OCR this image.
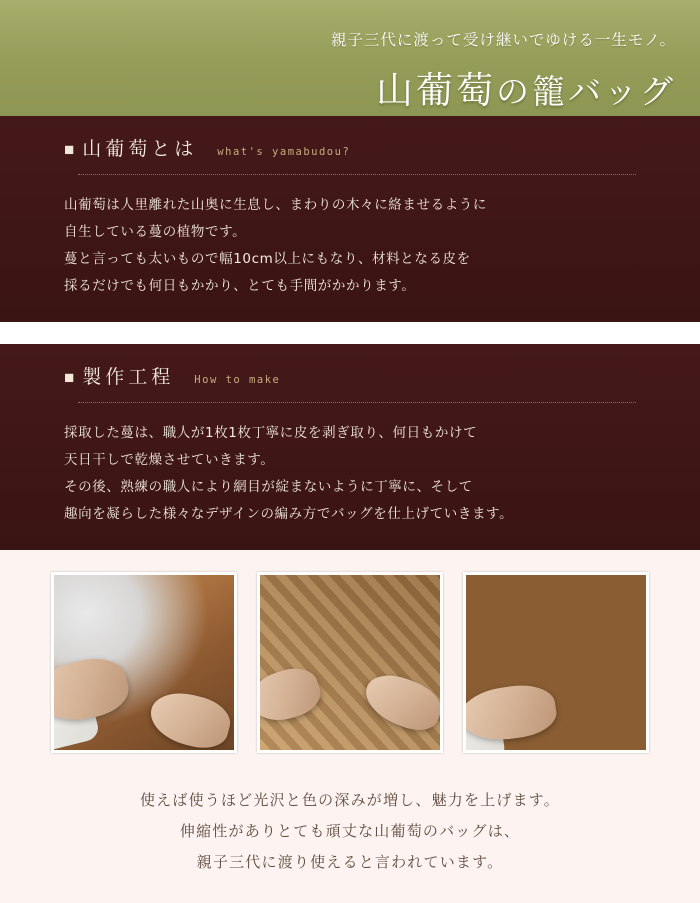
親子三代に渡って受け継いでゆける一生モノ。
山葡萄の籠バッグ
■ 山葡萄とは what's yamabudou?
山葡萄は人里離れた山奥に生息し、まわりの木々に絡ませるように
自生している蔓の植物です。
蔓と言っても太いもので幅10cm以上にもなり、材料となる皮を
採るだけでも何日もかかり、とても手間がかかります。
■ 製作工程 How to make
採取した蔓は、職人が1枚1枚丁寧に皮を剥ぎ取り、何日もかけて
天日干しで乾燥させていきます。
その後、熟練の職人により網目が綻まないように丁寧に、そして
趣向を凝らした様々なデザインの編み方でバッグを仕上げていきます。
使えば使うほど光沢と色の深みが増し、魅力を上げます。
伸縮性がありとても頑丈な山葡萄のバッグは、
親子三代に渡り使えると言われています。
